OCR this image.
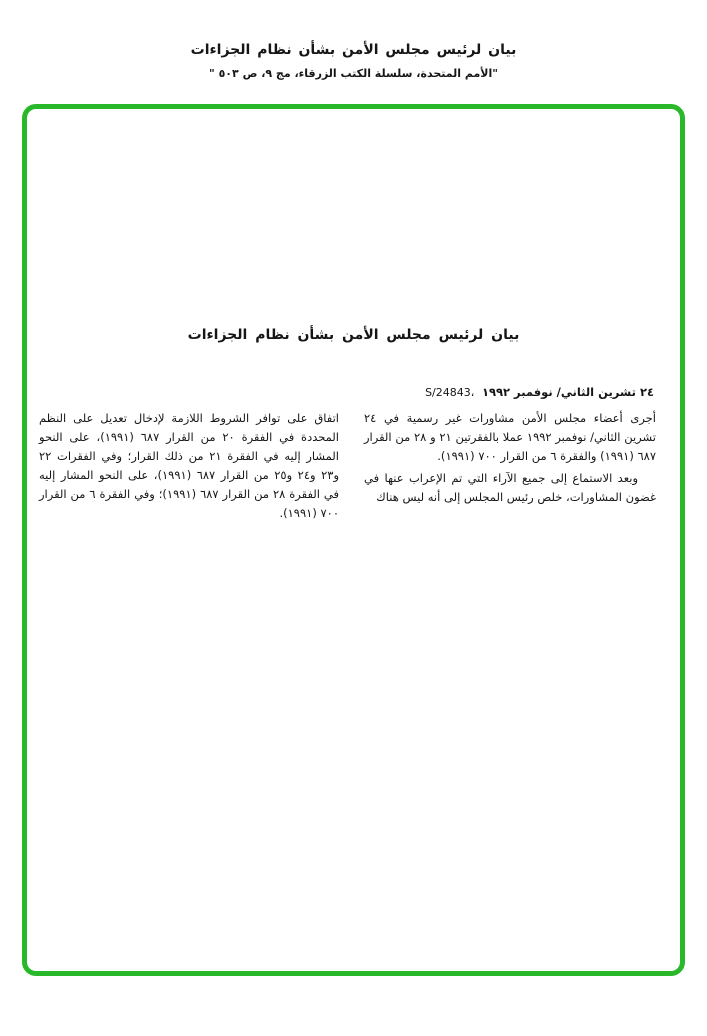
بيان لرئيس مجلس الأمن بشأن نظام الجزاءات
"الأمم المتحدة، سلسلة الكتب الزرقاء، مج ٩، ص ٥٠٣ "
بيان لرئيس مجلس الأمن بشأن نظام الجزاءات
S/24843، ٢٤ تشرين الثاني/ نوفمبر ١٩٩٢

أجرى أعضاء مجلس الأمن مشاورات غير رسمية في ٢٤ تشرين الثاني/ نوفمبر ١٩٩٢ عملا بالفقرتين ٢١ و ٢٨ من القرار ٦٨٧ (١٩٩١) والفقرة ٦ من القرار ٧٠٠ (١٩٩١).

وبعد الاستماع إلى جميع الآراء التي تم الإعراب عنها في غضون المشاورات، خلص رئيس المجلس إلى أنه ليس هناك

اتفاق على توافر الشروط اللازمة لإدخال تعديل على النظم المحددة في الفقرة ٢٠ من القرار ٦٨٧ (١٩٩١)، على النحو المشار إليه في الفقرة ٢١ من ذلك القرار؛ وفي الفقرات ٢٢ و٢٣ و٢٤ و٢٥ من القرار ٦٨٧ (١٩٩١)، على النحو المشار إليه في الفقرة ٢٨ من القرار ٦٨٧ (١٩٩١)؛ وفي الفقرة ٦ من القرار ٧٠٠ (١٩٩١).
